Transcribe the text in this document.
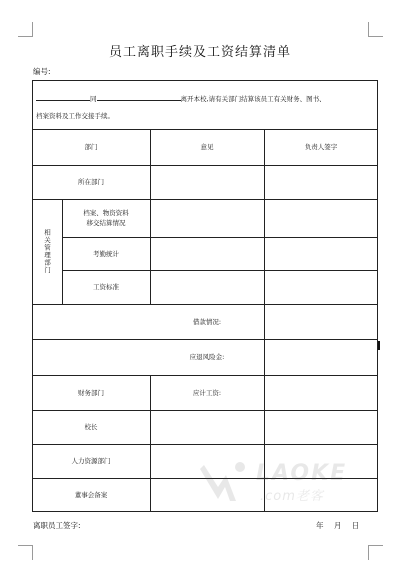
员工离职手续及工资结算清单
编号:
同	离开本校,请有关部门结算该员工有关财务、图书、
档案资料及工作交接手续。
部门	意见	负责人签字
所在部门
相关管理部门
档案、物资资料
移交结算情况
考勤统计
工资标准
借款情况:
应退风险金:
财务部门	应计工资:
校长
人力资源部门
董事会备案
LAOKE
.com老客
离职员工签字:	年 月 日
